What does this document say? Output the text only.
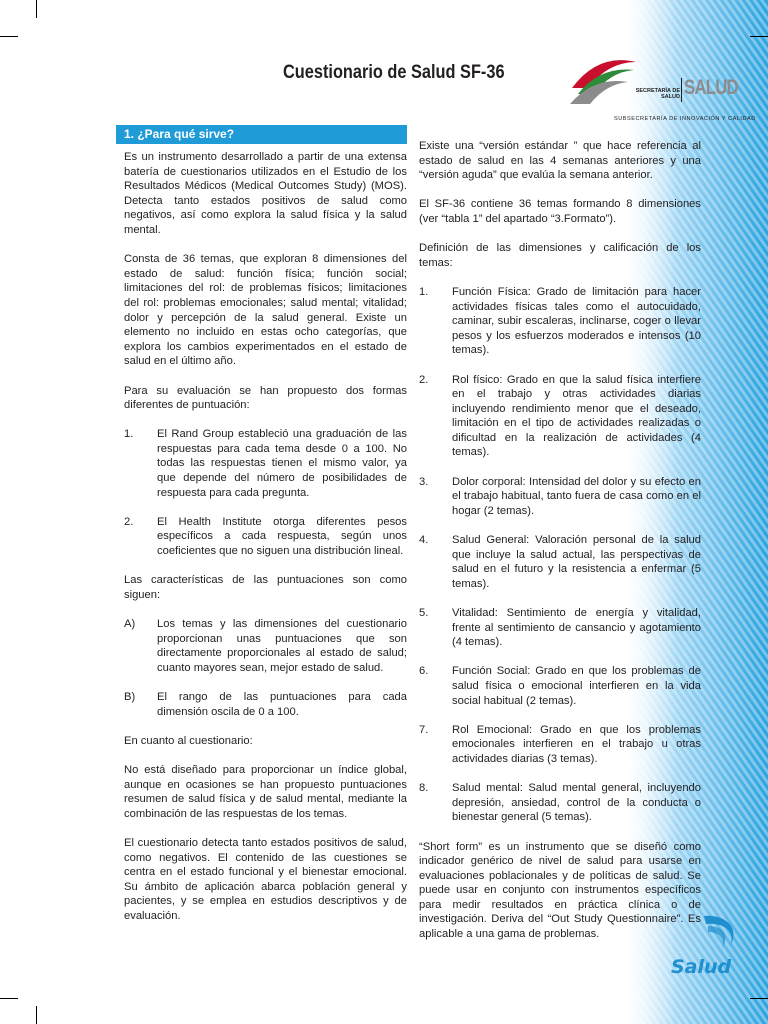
Cuestionario de Salud SF-36
SECRETARÍA DE
SALUD SALUD
SUBSECRETARÍA DE INNOVACIÓN Y CALIDAD
1. ¿Para qué sirve?

Es un instrumento desarrollado a partir de una extensa batería de cuestionarios utilizados en el Estudio de los Resultados Médicos (Medical Outcomes Study) (MOS). Detecta tanto estados positivos de salud como negativos, así como explora la salud física y la salud mental.

Consta de 36 temas, que exploran 8 dimensiones del estado de salud: función física; función social; limitaciones del rol: de problemas físicos; limitaciones del rol: problemas emocionales; salud mental; vitalidad; dolor y percepción de la salud general. Existe un elemento no incluido en estas ocho categorías, que explora los cambios experimentados en el estado de salud en el último año.

Para su evaluación se han propuesto dos formas diferentes de puntuación:

1. El Rand Group estableció una graduación de las respuestas para cada tema desde 0 a 100. No todas las respuestas tienen el mismo valor, ya que depende del número de posibilidades de respuesta para cada pregunta.
2. El Health Institute otorga diferentes pesos específicos a cada respuesta, según unos coeficientes que no siguen una distribución lineal.

Las características de las puntuaciones son como siguen:

A) Los temas y las dimensiones del cuestionario proporcionan unas puntuaciones que son directamente proporcionales al estado de salud; cuanto mayores sean, mejor estado de salud.
B) El rango de las puntuaciones para cada dimensión oscila de 0 a 100.

En cuanto al cuestionario:

No está diseñado para proporcionar un índice global, aunque en ocasiones se han propuesto puntuaciones resumen de salud física y de salud mental, mediante la combinación de las respuestas de los temas.

El cuestionario detecta tanto estados positivos de salud, como negativos. El contenido de las cuestiones se centra en el estado funcional y el bienestar emocional. Su ámbito de aplicación abarca población general y pacientes, y se emplea en estudios descriptivos y de evaluación.

Existe una “versión estándar ” que hace referencia al estado de salud en las 4 semanas anteriores y una “versión aguda” que evalúa la semana anterior.

El SF-36 contiene 36 temas formando 8 dimensiones (ver “tabla 1” del apartado “3.Formato”).

Definición de las dimensiones y calificación de los temas:

1. Función Física: Grado de limitación para hacer actividades físicas tales como el autocuidado, caminar, subir escaleras, inclinarse, coger o llevar pesos y los esfuerzos moderados e intensos (10 temas).
2. Rol físico: Grado en que la salud física interfiere en el trabajo y otras actividades diarias incluyendo rendimiento menor que el deseado, limitación en el tipo de actividades realizadas o dificultad en la realización de actividades (4 temas).
3. Dolor corporal: Intensidad del dolor y su efecto en el trabajo habitual, tanto fuera de casa como en el hogar (2 temas).
4. Salud General: Valoración personal de la salud que incluye la salud actual, las perspectivas de salud en el futuro y la resistencia a enfermar (5 temas).
5. Vitalidad: Sentimiento de energía y vitalidad, frente al sentimiento de cansancio y agotamiento (4 temas).
6. Función Social: Grado en que los problemas de salud física o emocional interfieren en la vida social habitual (2 temas).
7. Rol Emocional: Grado en que los problemas emocionales interfieren en el trabajo u otras actividades diarias (3 temas).
8. Salud mental: Salud mental general, incluyendo depresión, ansiedad, control de la conducta o bienestar general (5 temas).

“Short form” es un instrumento que se diseñó como indicador genérico de nivel de salud para usarse en evaluaciones poblacionales y de políticas de salud. Se puede usar en conjunto con instrumentos específicos para medir resultados en práctica clínica o de investigación. Deriva del “Out Study Questionnaire”. Es aplicable a una gama de problemas.

Salud
